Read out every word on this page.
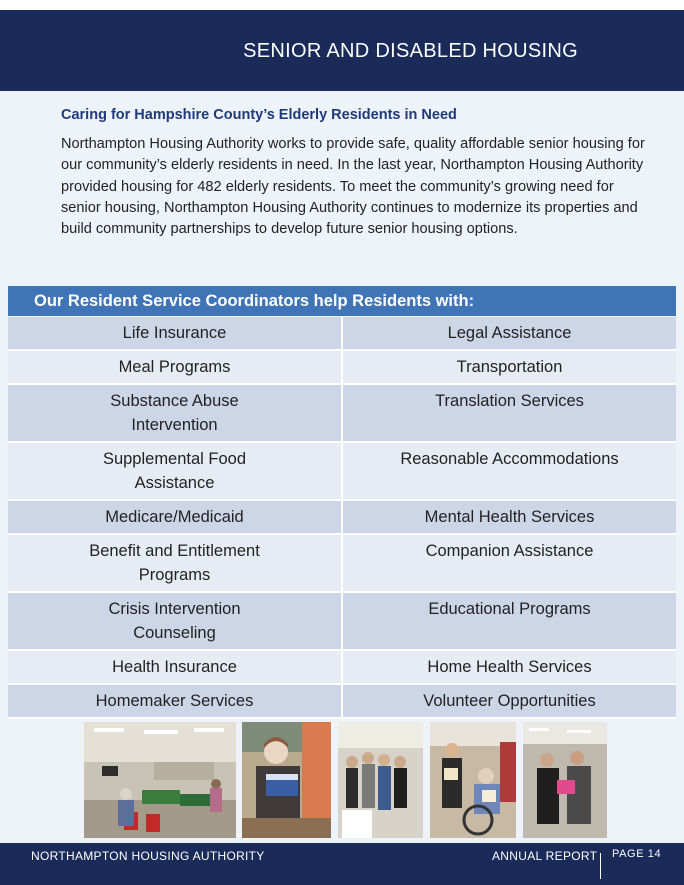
SENIOR AND DISABLED HOUSING
Caring for Hampshire County’s Elderly Residents in Need
Northampton Housing Authority works to provide safe, quality affordable senior housing for our community’s elderly residents in need. In the last year, Northampton Housing Authority provided housing for 482 elderly residents. To meet the community’s growing need for senior housing, Northampton Housing Authority continues to modernize its properties and build community partnerships to develop future senior housing options.
Our Resident Service Coordinators help Residents with:
Life Insurance	Legal Assistance
Meal Programs	Transportation
Substance Abuse Intervention	Translation Services
Supplemental Food Assistance	Reasonable Accommodations
Medicare/Medicaid	Mental Health Services
Benefit and Entitlement Programs	Companion Assistance
Crisis Intervention Counseling	Educational Programs
Health Insurance	Home Health Services
Homemaker Services	Volunteer Opportunities
NORTHAMPTON HOUSING AUTHORITY	ANNUAL REPORT PAGE 14
